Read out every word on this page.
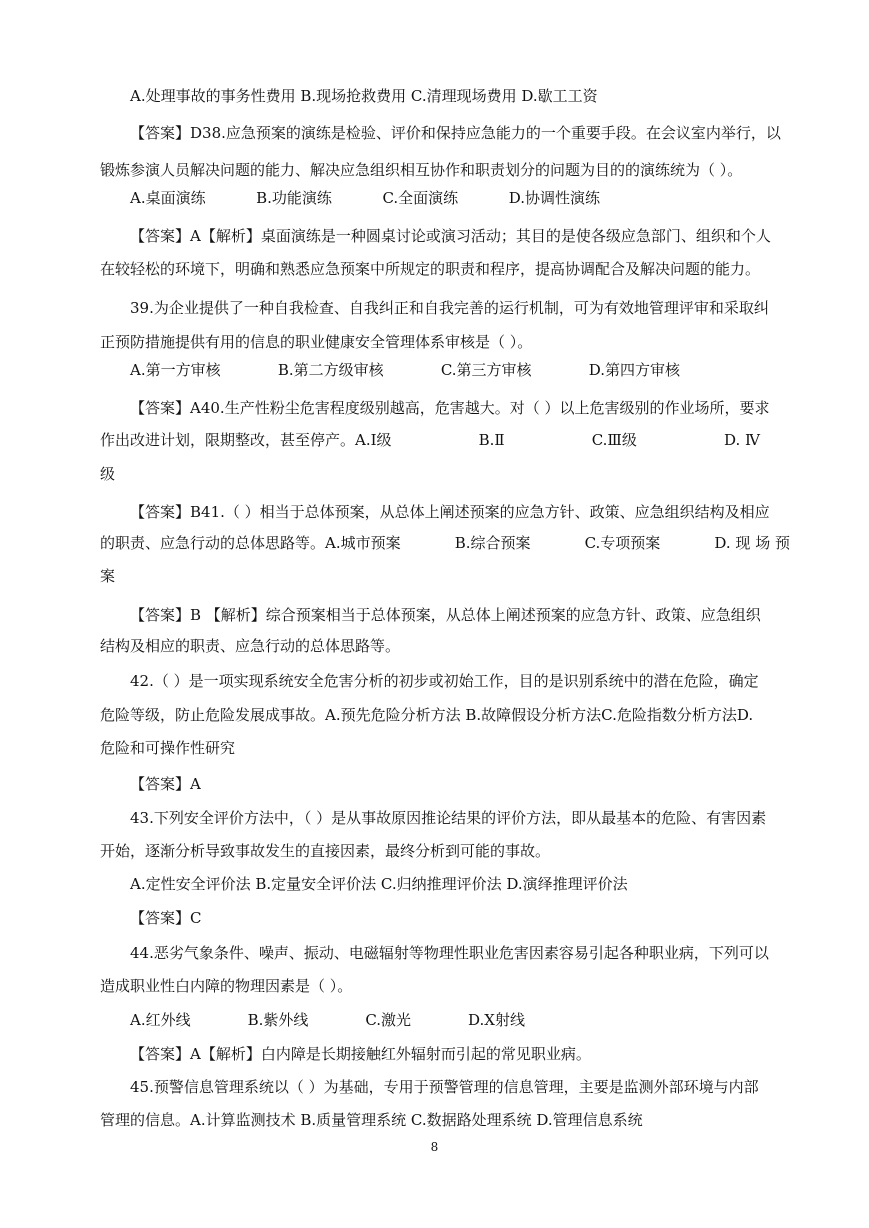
A.处理事故的事务性费用 B.现场抢救费用 C.清理现场费用 D.歇工工资
【答案】D38.应急预案的演练是检验、评价和保持应急能力的一个重要手段。在会议室内举行，以
锻炼参演人员解决问题的能力、解决应急组织相互协作和职责划分的问题为目的的演练统为（ ）。
A.桌面演练	B.功能演练	C.全面演练	D.协调性演练
【答案】A【解析】桌面演练是一种圆桌讨论或演习活动；其目的是使各级应急部门、组织和个人
在较轻松的环境下，明确和熟悉应急预案中所规定的职责和程序，提高协调配合及解决问题的能力。
39.为企业提供了一种自我检查、自我纠正和自我完善的运行机制，可为有效地管理评审和采取纠
正预防措施提供有用的信息的职业健康安全管理体系审核是（ ）。
A.第一方审核	B.第二方级审核	C.第三方审核	D.第四方审核
【答案】A40.生产性粉尘危害程度级别越高，危害越大。对（ ）以上危害级别的作业场所，要求
作出改进计划，限期整改，甚至停产。A.Ⅰ级	B.Ⅱ	C.Ⅲ级	D. Ⅳ
级
【答案】B41.（ ）相当于总体预案，从总体上阐述预案的应急方针、政策、应急组织结构及相应
的职责、应急行动的总体思路等。A.城市预案	B.综合预案	C.专项预案	D. 现 场 预
案
【答案】B 【解析】综合预案相当于总体预案，从总体上阐述预案的应急方针、政策、应急组织
结构及相应的职责、应急行动的总体思路等。
42.（ ）是一项实现系统安全危害分析的初步或初始工作，目的是识别系统中的潜在危险，确定
危险等级，防止危险发展成事故。A.预先危险分析方法 B.故障假设分析方法C.危险指数分析方法D.
危险和可操作性研究
【答案】A
43.下列安全评价方法中，（ ）是从事故原因推论结果的评价方法，即从最基本的危险、有害因素
开始，逐渐分析导致事故发生的直接因素，最终分析到可能的事故。
A.定性安全评价法 B.定量安全评价法 C.归纳推理评价法 D.演绎推理评价法
【答案】C
44.恶劣气象条件、噪声、振动、电磁辐射等物理性职业危害因素容易引起各种职业病，下列可以
造成职业性白内障的物理因素是（ ）。
A.红外线	B.紫外线	C.激光	D.X射线
【答案】A【解析】白内障是长期接触红外辐射而引起的常见职业病。
45.预警信息管理系统以（ ）为基础，专用于预警管理的信息管理，主要是监测外部环境与内部
管理的信息。A.计算监测技术 B.质量管理系统 C.数据路处理系统 D.管理信息系统
8
